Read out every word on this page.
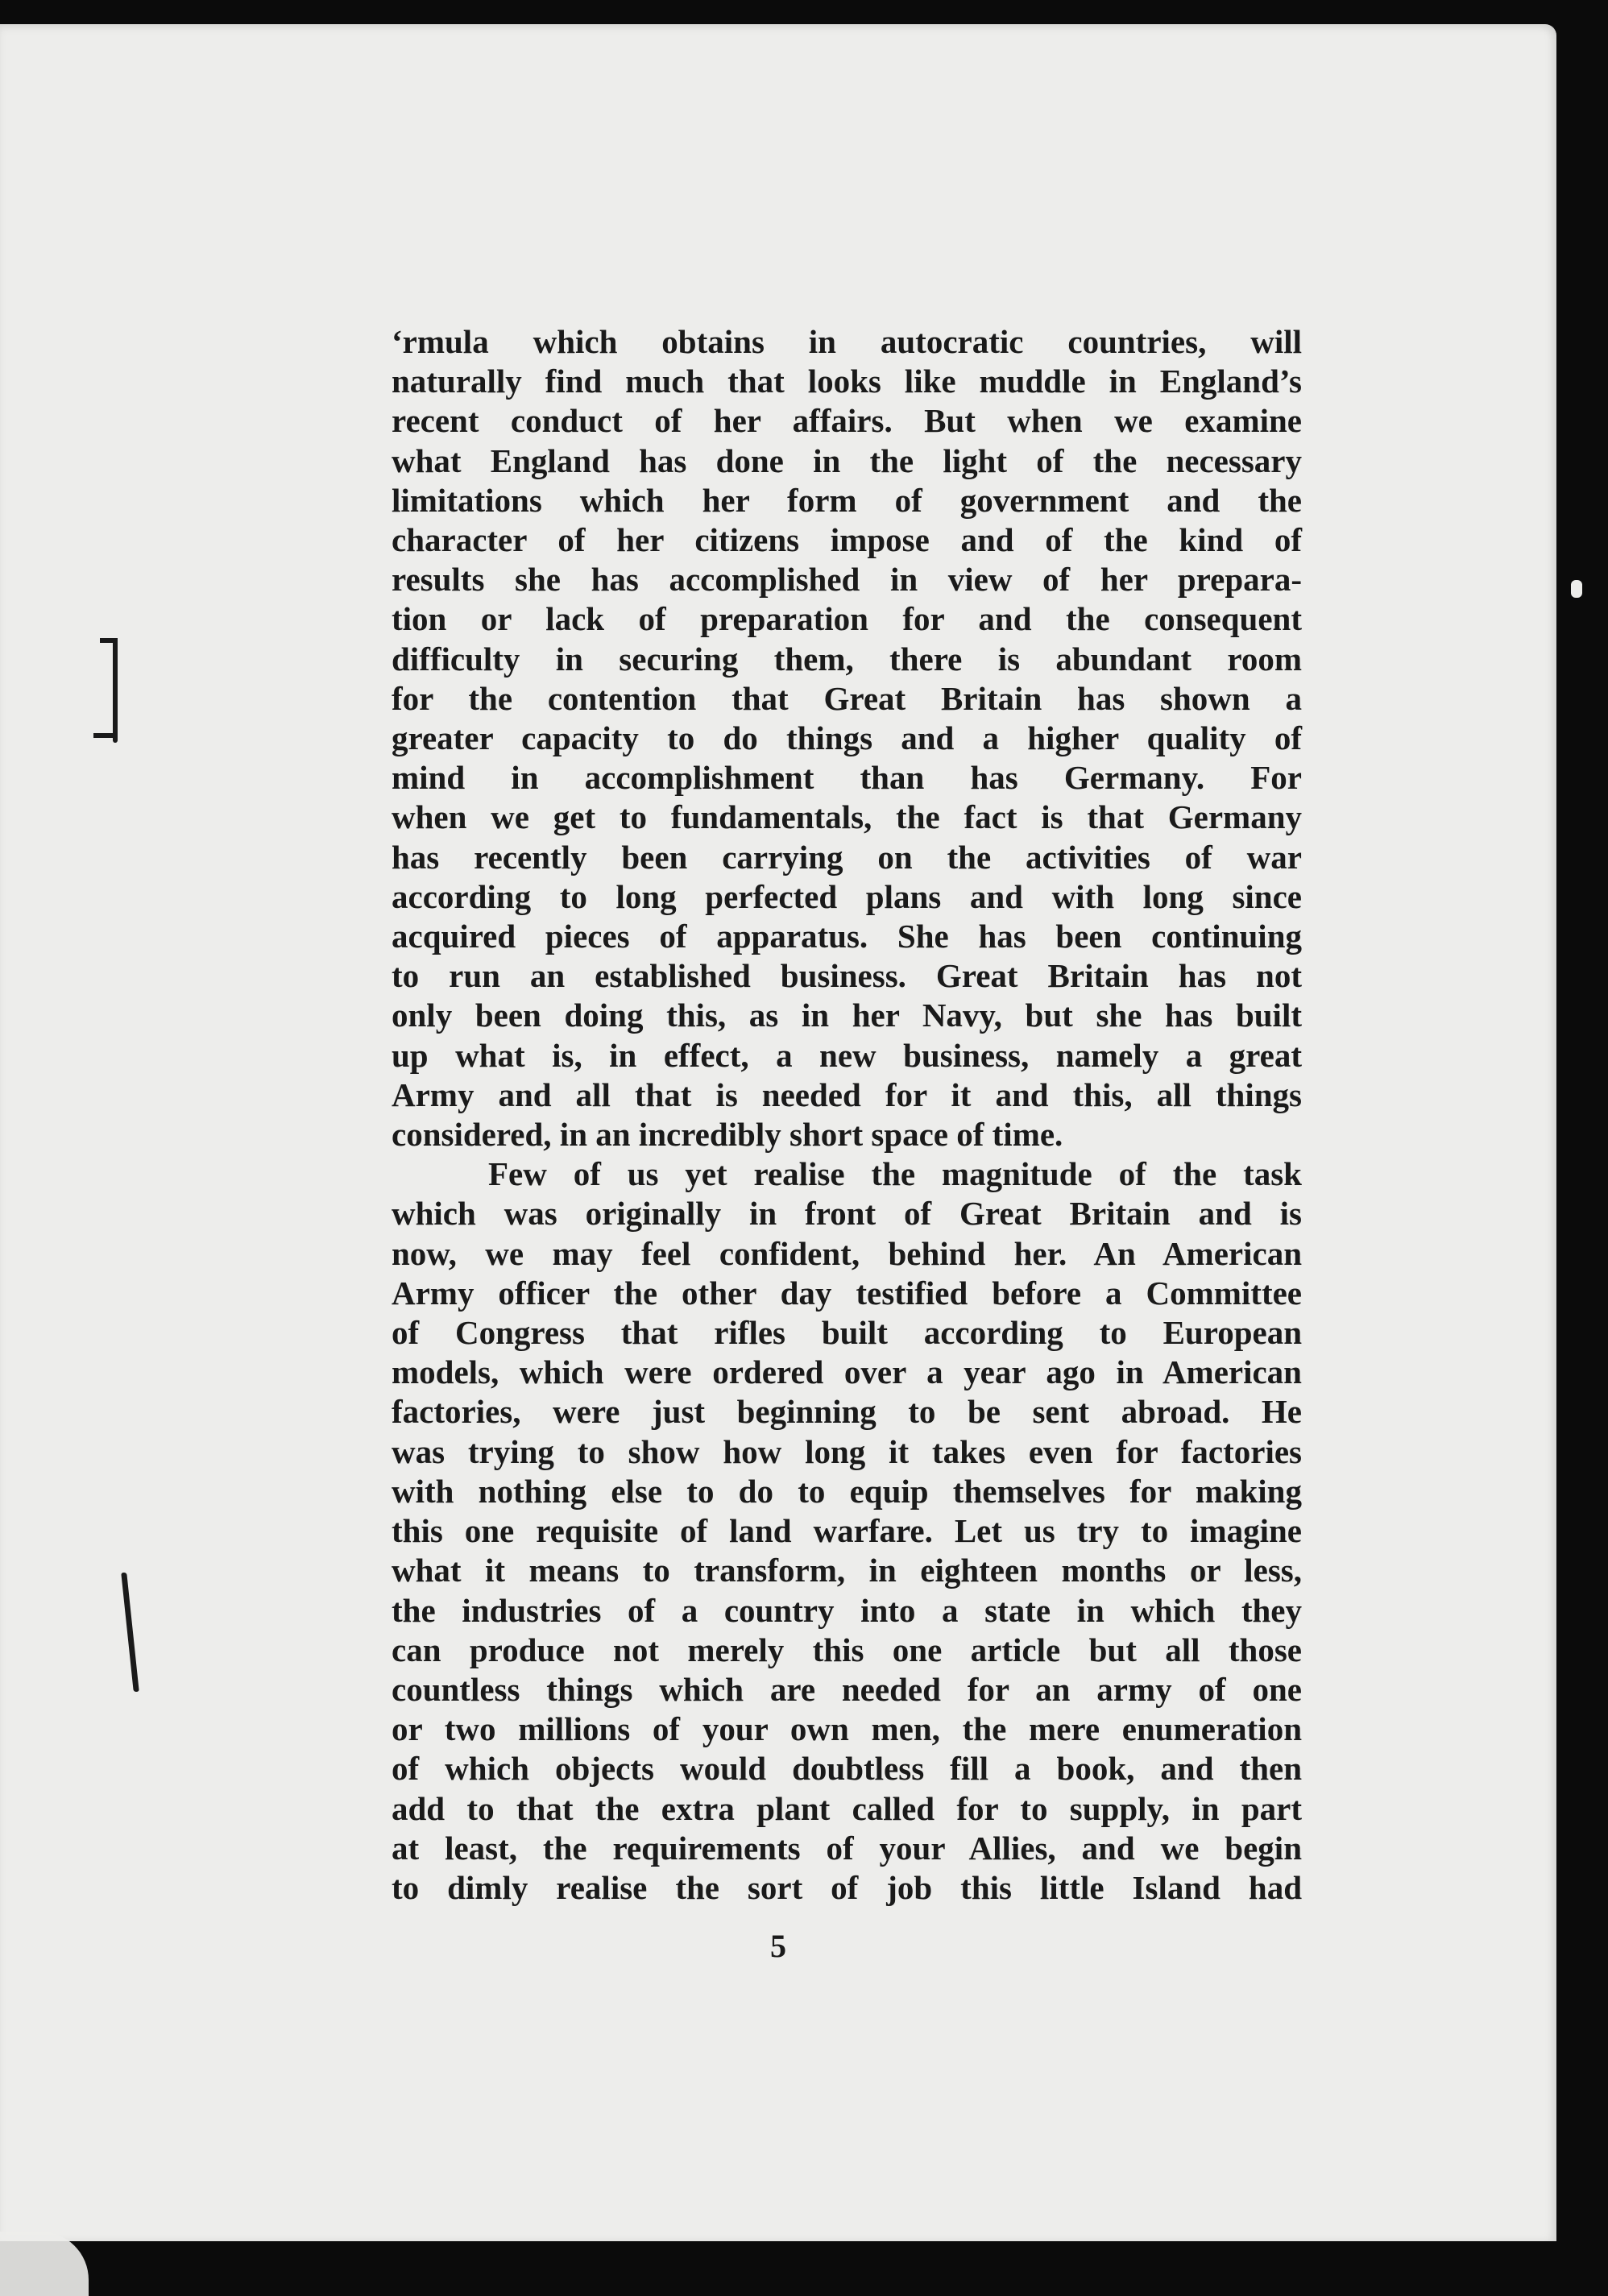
‘rmula which obtains in autocratic countries, will
naturally find much that looks like muddle in England’s
recent conduct of her affairs. But when we examine
what England has done in the light of the necessary
limitations which her form of government and the
character of her citizens impose and of the kind of
results she has accomplished in view of her prepara-
tion or lack of preparation for and the consequent
difficulty in securing them, there is abundant room
for the contention that Great Britain has shown a
greater capacity to do things and a higher quality of
mind in accomplishment than has Germany. For
when we get to fundamentals, the fact is that Germany
has recently been carrying on the activities of war
according to long perfected plans and with long since
acquired pieces of apparatus. She has been continuing
to run an established business. Great Britain has not
only been doing this, as in her Navy, but she has built
up what is, in effect, a new business, namely a great
Army and all that is needed for it and this, all things
considered, in an incredibly short space of time.
Few of us yet realise the magnitude of the task
which was originally in front of Great Britain and is
now, we may feel confident, behind her. An American
Army officer the other day testified before a Committee
of Congress that rifles built according to European
models, which were ordered over a year ago in American
factories, were just beginning to be sent abroad. He
was trying to show how long it takes even for factories
with nothing else to do to equip themselves for making
this one requisite of land warfare. Let us try to imagine
what it means to transform, in eighteen months or less,
the industries of a country into a state in which they
can produce not merely this one article but all those
countless things which are needed for an army of one
or two millions of your own men, the mere enumeration
of which objects would doubtless fill a book, and then
add to that the extra plant called for to supply, in part
at least, the requirements of your Allies, and we begin
to dimly realise the sort of job this little Island had
5
